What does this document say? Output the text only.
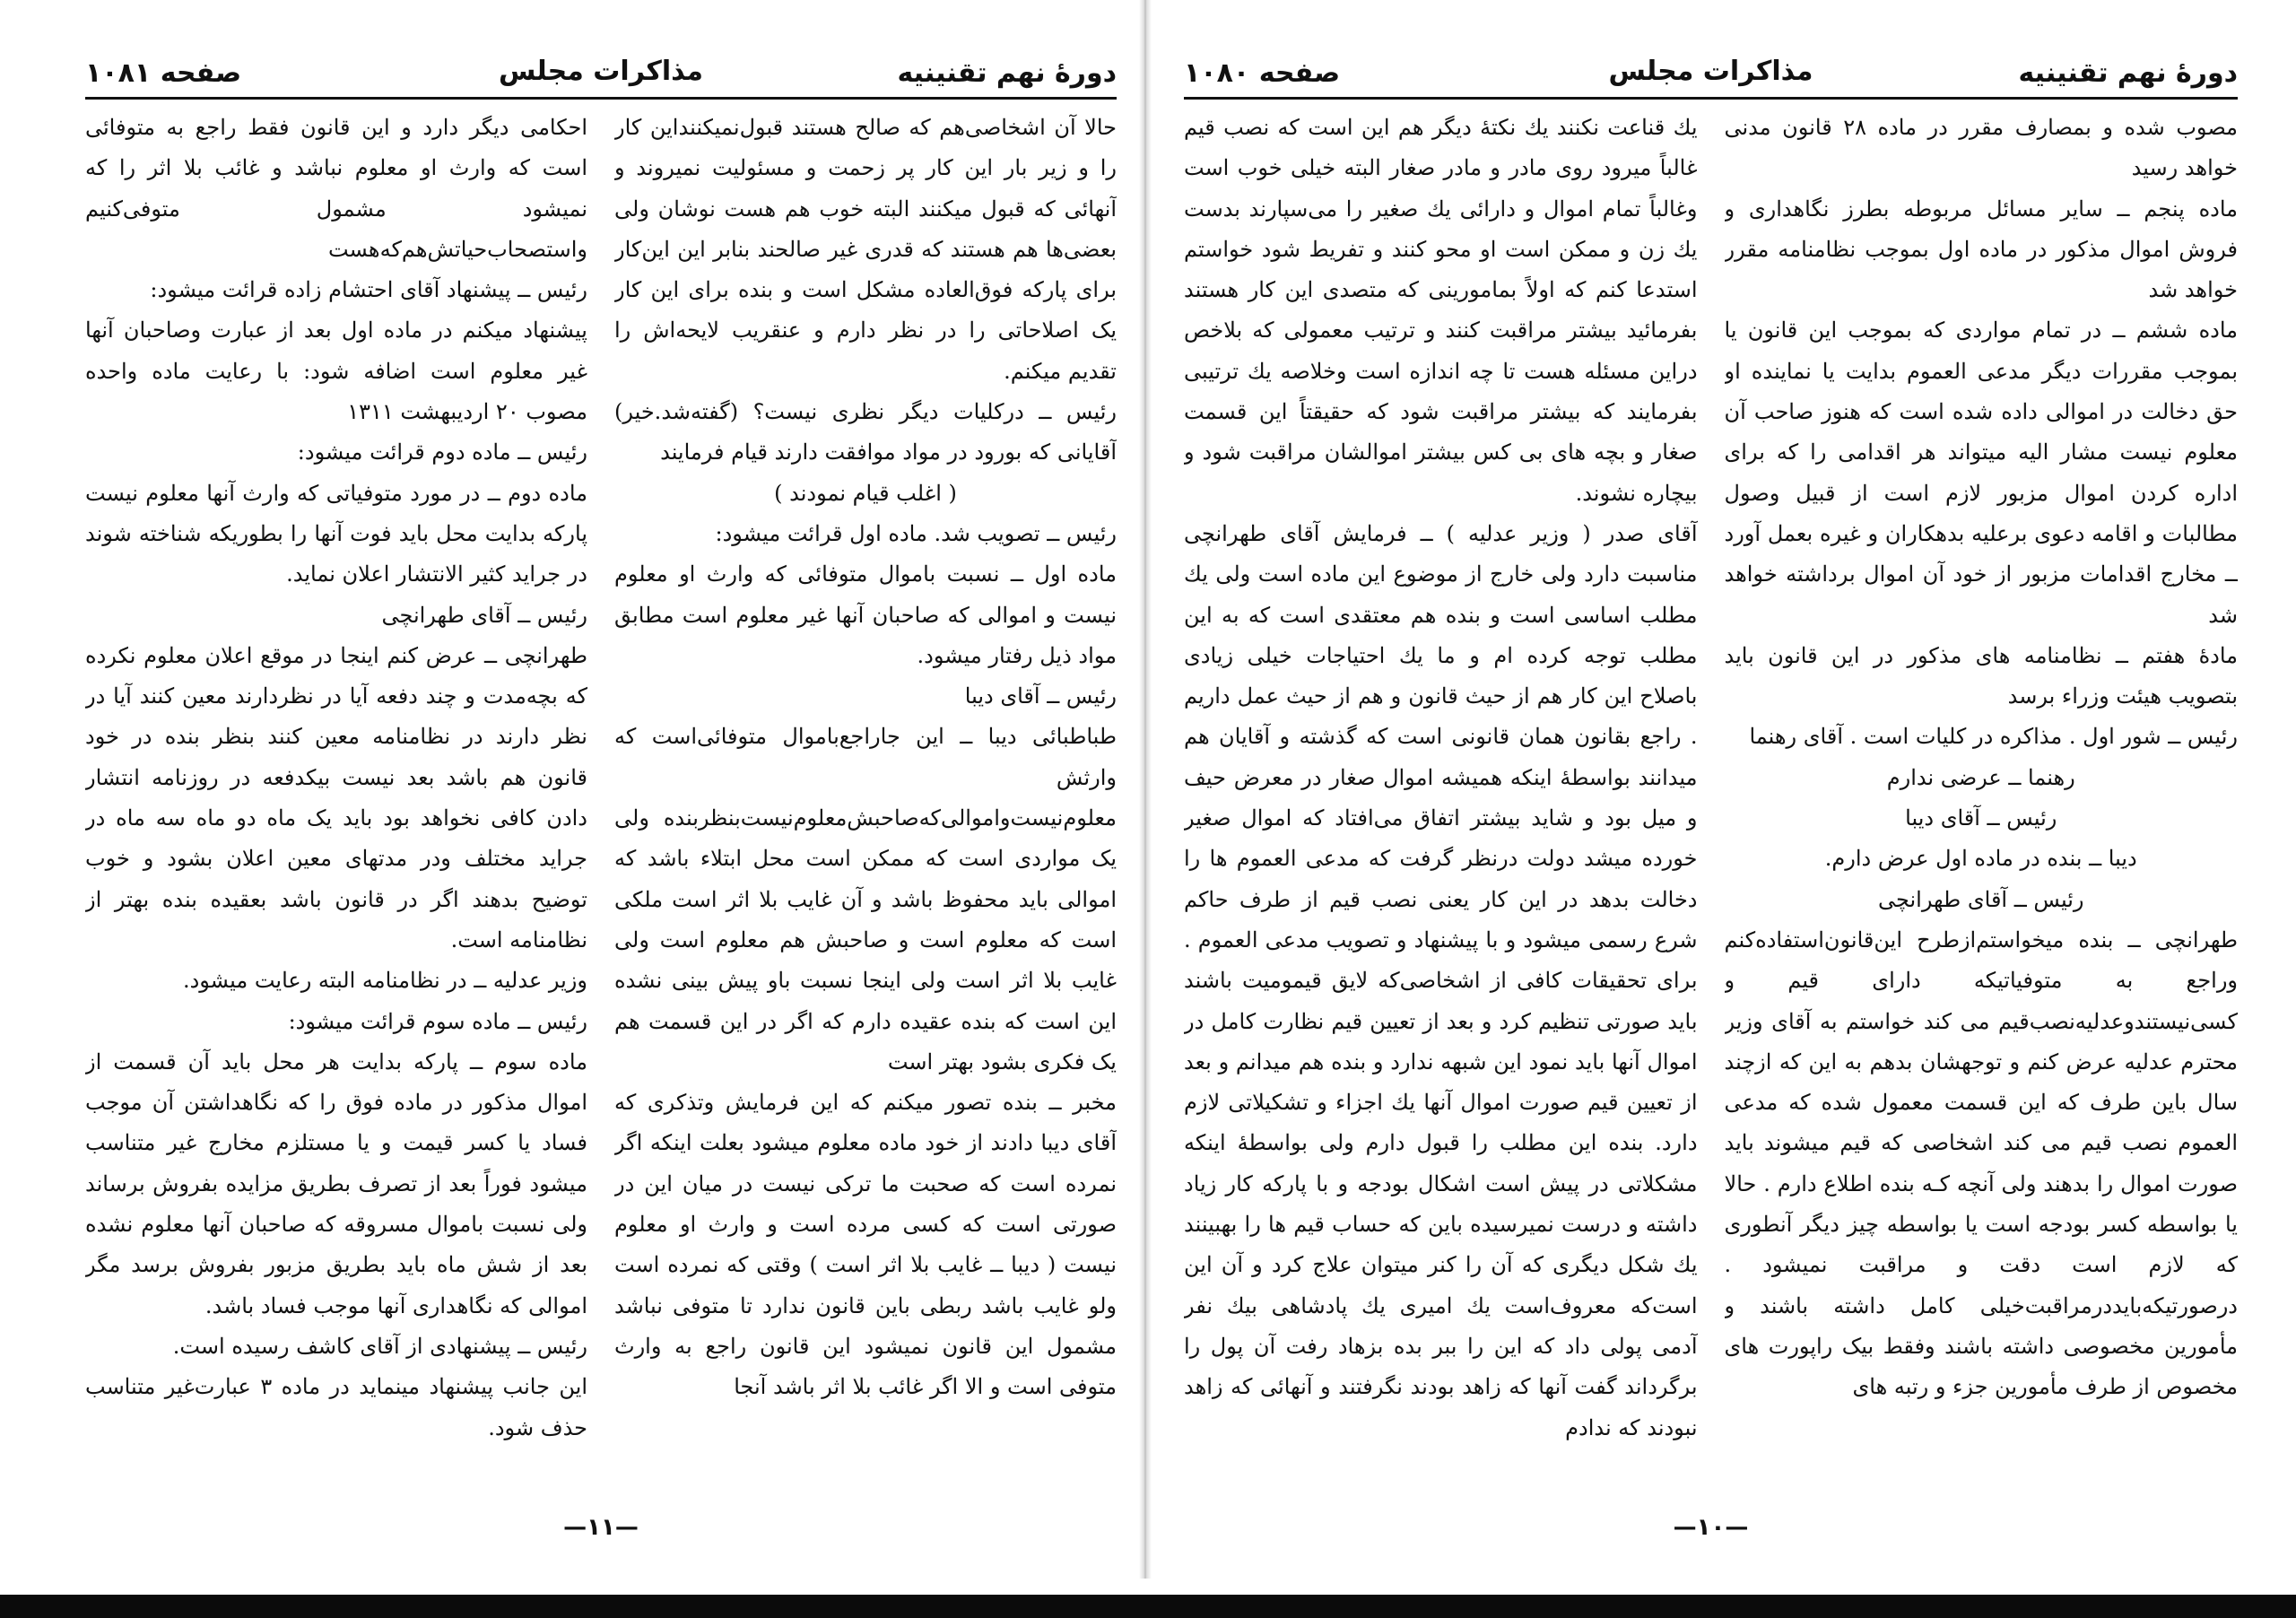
دورهٔ نهم تقنینیه
مذاکرات مجلس
صفحه ۱۰۸۱

حالا آن اشخاصی‌هم که صالح هستند قبول‌نمیکنند‌این کار را و زیر بار این کار پر زحمت و مسئولیت نمیروند و آنهائی که قبول میکنند البته خوب هم هست نوشان ولی بعضی‌ها هم هستند که قدری غیر صالحند بنابر این این‌کار برای پارکه فوق‌العاده مشکل است و بنده برای این کار یک اصلاحاتی را در نظر دارم و عنقریب لایحه‌اش را تقدیم میکنم.

رئیس ــ درکلیات دیگر نظری نیست؟ (گفته‌شد.خیر) آقایانی که بورود در مواد موافقت دارند قیام فرمایند

( اغلب قیام نمودند )

رئیس ــ تصویب شد. ماده اول قرائت میشود:

ماده اول ــ نسبت باموال متوفائی که وارث او معلوم نیست و اموالی که صاحبان آنها غیر معلوم است مطابق مواد ذیل رفتار میشود.

رئیس ــ آقای دیبا

طباطبائی دیبا ــ این جاراجع‌باموال متوفائی‌است که وارثش معلوم‌نیست‌واموالی‌که‌صاحبش‌معلوم‌نیست‌بنظر‌بنده ولی یک مواردی است که ممکن است محل ابتلاء باشد که اموالی باید محفوظ باشد و آن غایب بلا اثر است ملکی است که معلوم است و صاحبش هم معلوم است ولی غایب بلا اثر است ولی اینجا نسبت باو پیش بینی نشده این است که بنده عقیده دارم که اگر در این قسمت هم یک فکری بشود بهتر است

مخبر ــ بنده تصور میکنم که این فرمایش وتذکری که آقای دیبا دادند از خود ماده معلوم میشود بعلت اینکه اگر نمرده است که صحبت ما ترکی نیست در میان این در صورتی است که کسی مرده است و وارث او معلوم نیست ( دیبا ــ غایب بلا اثر است ) وقتی که نمرده است ولو غایب باشد ربطی باین قانون ندارد تا متوفی نباشد مشمول این قانون نمیشود این قانون راجع به وارث متوفی است و الا اگر غائب بلا اثر باشد آنجا

احکامی دیگر دارد و این قانون فقط راجع به متوفائی است که وارث او معلوم نباشد و غائب بلا اثر را که نمیشود مشمول متوفی‌کنیم واستصحاب‌حیاتش‌هم‌که‌هست

رئیس ــ پیشنهاد آقای احتشام زاده قرائت میشود:

پیشنهاد میکنم در ماده اول بعد از عبارت وصاحبان آنها غیر معلوم است اضافه شود: با رعایت ماده واحده مصوب ۲۰ اردیبهشت ۱۳۱۱

رئیس ــ ماده دوم قرائت میشود:

ماده دوم ــ در مورد متوفیاتی که وارث آنها معلوم نیست پارکه بدایت محل باید فوت آنها را بطوریکه شناخته شوند در جراید کثیر الانتشار اعلان نماید.

رئیس ــ آقای طهرانچی

طهرانچی ــ عرض کنم اینجا در موقع اعلان معلوم نکرده که بچه‌مدت و چند دفعه آیا در نظردارند معین کنند آیا در نظر دارند در نظامنامه معین کنند بنظر بنده در خود قانون هم باشد بعد نیست بیکدفعه در روزنامه انتشار دادن کافی نخواهد بود باید یک ماه دو ماه سه ماه در جراید مختلف ودر مدتهای معین اعلان بشود و خوب توضیح بدهند اگر در قانون باشد بعقیده بنده بهتر از نظامنامه است.

وزیر عدلیه ــ در نظامنامه البته رعایت میشود.

رئیس ــ ماده سوم قرائت میشود:

ماده سوم ــ پارکه بدایت هر محل باید آن قسمت از اموال مذکور در ماده فوق را که نگاهداشتن آن موجب فساد یا کسر قیمت و یا مستلزم مخارج غیر متناسب میشود فوراً بعد از تصرف بطریق مزایده بفروش برساند ولی نسبت باموال مسروقه که صاحبان آنها معلوم نشده بعد از شش ماه باید بطریق مزبور بفروش برسد مگر اموالی که نگاهداری آنها موجب فساد باشد.

رئیس ــ پیشنهادی از آقای کاشف رسیده است.

این جانب پیشنهاد مینماید در ماده ۳ عبارت‌غیر متناسب حذف شود.

—۱۱—
دورهٔ نهم تقنینیه
مذاکرات مجلس
صفحه ۱۰۸۰

مصوب شده و بمصارف مقرر در ماده ۲۸ قانون مدنی خواهد رسید

ماده پنجم ــ سایر مسائل مربوطه بطرز نگاهداری و فروش اموال مذکور در ماده اول بموجب نظامنامه مقرر خواهد شد

ماده ششم ــ در تمام مواردی که بموجب این قانون یا بموجب مقررات دیگر مدعی العموم بدایت یا نماینده او حق دخالت در اموالی داده شده است که هنوز صاحب آن معلوم نیست مشار الیه میتواند هر اقدامی را که برای اداره کردن اموال مزبور لازم است از قبیل وصول مطالبات و اقامه دعوی برعلیه بدهکاران و غیره بعمل آورد ــ مخارج اقدامات مزبور از خود آن اموال برداشته خواهد شد

مادهٔ هفتم ــ نظامنامه های مذکور در این قانون باید بتصویب هیئت وزراء برسد

رئیس ــ شور اول . مذاکره در کلیات است . آقای رهنما

رهنما ــ عرضی ندارم

رئیس ــ آقای دیبا

دیبا ــ بنده در ماده اول عرض دارم.

رئیس ــ آقای طهرانچی

طهرانچی ــ بنده میخواستم‌ازطرح این‌قانون‌استفاده‌کنم وراجع به متوفیاتیکه دارای قیم و کسی‌نیستندوعدلیه‌نصب‌قیم می کند خواستم به آقای وزیر محترم عدلیه عرض کنم و توجهشان بدهم به این که ازچند سال باین طرف که این قسمت معمول شده که مدعی العموم نصب قیم می کند اشخاصی که قیم میشوند باید صورت اموال را بدهند ولی آنچه کـه بنده اطلاع دارم . حالا یا بواسطه کسر بودجه است یا بواسطه چیز دیگر آنطوری که لازم است دقت و مراقبت نمیشود . درصورتیکه‌بایددر‌مراقبت‌خیلی کامل داشته باشند و مأمورین مخصوصی داشته باشند وفقط بیک راپورت های مخصوص از طرف مأمورین جزء و رتبه های

یك قناعت نکنند یك نکتهٔ دیگر هم این است که نصب قیم غالباً میرود روی مادر و مادر صغار البته خیلی خوب است وغالباً تمام اموال و دارائی یك صغیر را می‌سپارند بدست یك زن و ممکن است او محو کنند و تفریط شود خواستم استدعا کنم که اولاً بمامورینی که متصدی این کار هستند بفرمائید بیشتر مراقبت کنند و ترتیب معمولی که بلاخص دراین مسئله هست تا چه اندازه است وخلاصه یك ترتیبی بفرمایند که بیشتر مراقبت شود که حقیقتاً این قسمت صغار و بچه های بی کس بیشتر اموالشان مراقبت شود و بیچاره نشوند.

آقای صدر ( وزیر عدلیه ) ــ فرمایش آقای طهرانچی مناسبت دارد ولی خارج از موضوع این ماده است ولی یك مطلب اساسی است و بنده هم معتقدی است که به این مطلب توجه کرده ام و ما یك احتیاجات خیلی زیادی باصلاح این کار هم از حیث قانون و هم از حیث عمل داریم . راجع بقانون همان قانونی است که گذشته و آقایان هم میدانند بواسطهٔ اینکه همیشه اموال صغار در معرض حیف و میل بود و شاید بیشتر اتفاق می‌افتاد که اموال صغیر خورده میشد دولت درنظر گرفت که مدعی العموم ها را دخالت بدهد در این کار یعنی نصب قیم از طرف حاکم شرع رسمی میشود و با پیشنهاد و تصویب مدعی العموم . برای تحقیقات کافی از اشخاصی‌که لایق قیمومیت باشند باید صورتی تنظیم کرد و بعد از تعیین قیم نظارت کامل در اموال آنها باید نمود این شبهه ندارد و بنده هم میدانم و بعد از تعیین قیم صورت اموال آنها یك اجزاء و تشکیلاتی لازم دارد. بنده این مطلب را قبول دارم ولی بواسطهٔ اینکه مشکلاتی در پیش است اشکال بودجه و با پارکه کار زیاد داشته و درست نمیرسیده باین که حساب قیم ها را بهبینند یك شکل دیگری که آن را کنر میتوان علاج کرد و آن این است‌که معروف‌است یك امیری یك پادشاهی بیك نفر آدمی پولی داد که این را ببر بده بزهاد رفت آن پول را برگرداند گفت آنها که زاهد بودند نگرفتند و آنهائی که زاهد نبودند که ندادم

—۱۰—
